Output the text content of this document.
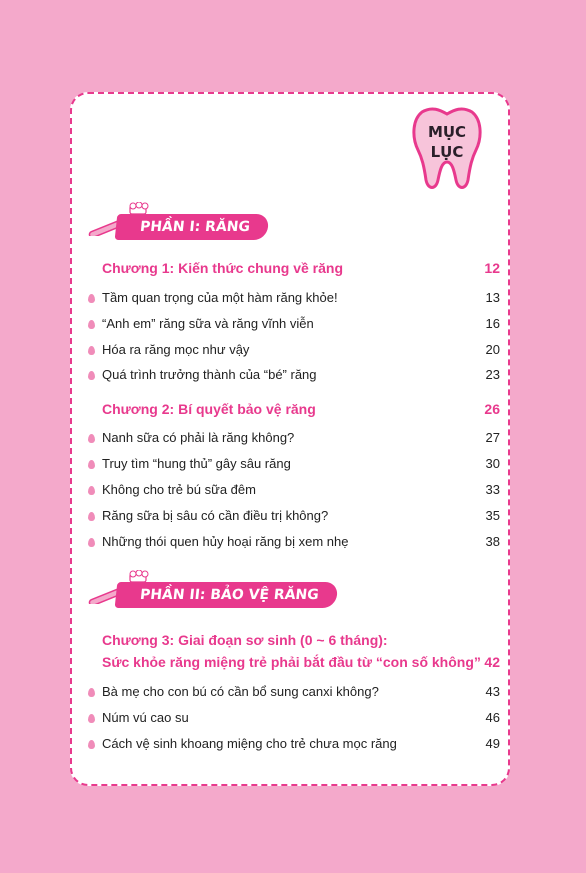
MỤC
LỤC
PHẦN I: RĂNG
Chương 1: Kiến thức chung về răng	12
Tầm quan trọng của một hàm răng khỏe!	13
“Anh em” răng sữa và răng vĩnh viễn	16
Hóa ra răng mọc như vậy	20
Quá trình trưởng thành của “bé” răng	23
Chương 2: Bí quyết bảo vệ răng	26
Nanh sữa có phải là răng không?	27
Truy tìm “hung thủ” gây sâu răng	30
Không cho trẻ bú sữa đêm	33
Răng sữa bị sâu có cần điều trị không?	35
Những thói quen hủy hoại răng bị xem nhẹ	38
PHẦN II: BẢO VỆ RĂNG
Chương 3: Giai đoạn sơ sinh (0 ~ 6 tháng):
Sức khỏe răng miệng trẻ phải bắt đầu từ “con số không” 42
Bà mẹ cho con bú có cần bổ sung canxi không?	43
Núm vú cao su	46
Cách vệ sinh khoang miệng cho trẻ chưa mọc răng	49
